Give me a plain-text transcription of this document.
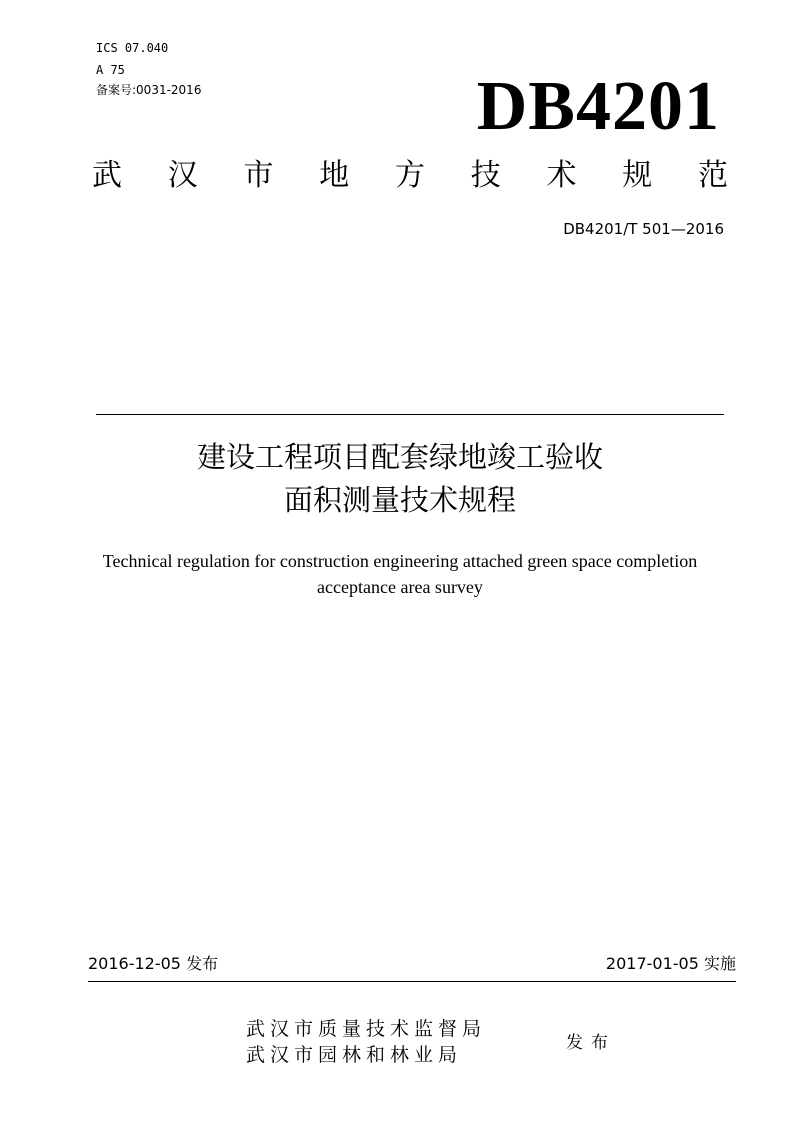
ICS 07.040
A 75
备案号:0031-2016	DB4201
武 汉 市 地 方 技 术 规 范
DB4201/T 501—2016
建设工程项目配套绿地竣工验收
面积测量技术规程
Technical regulation for construction engineering attached green space completion
acceptance area survey
2016-12-05 发布	2017-01-05 实施
武汉市质量技术监督局
武汉市园林和林业局
发布
